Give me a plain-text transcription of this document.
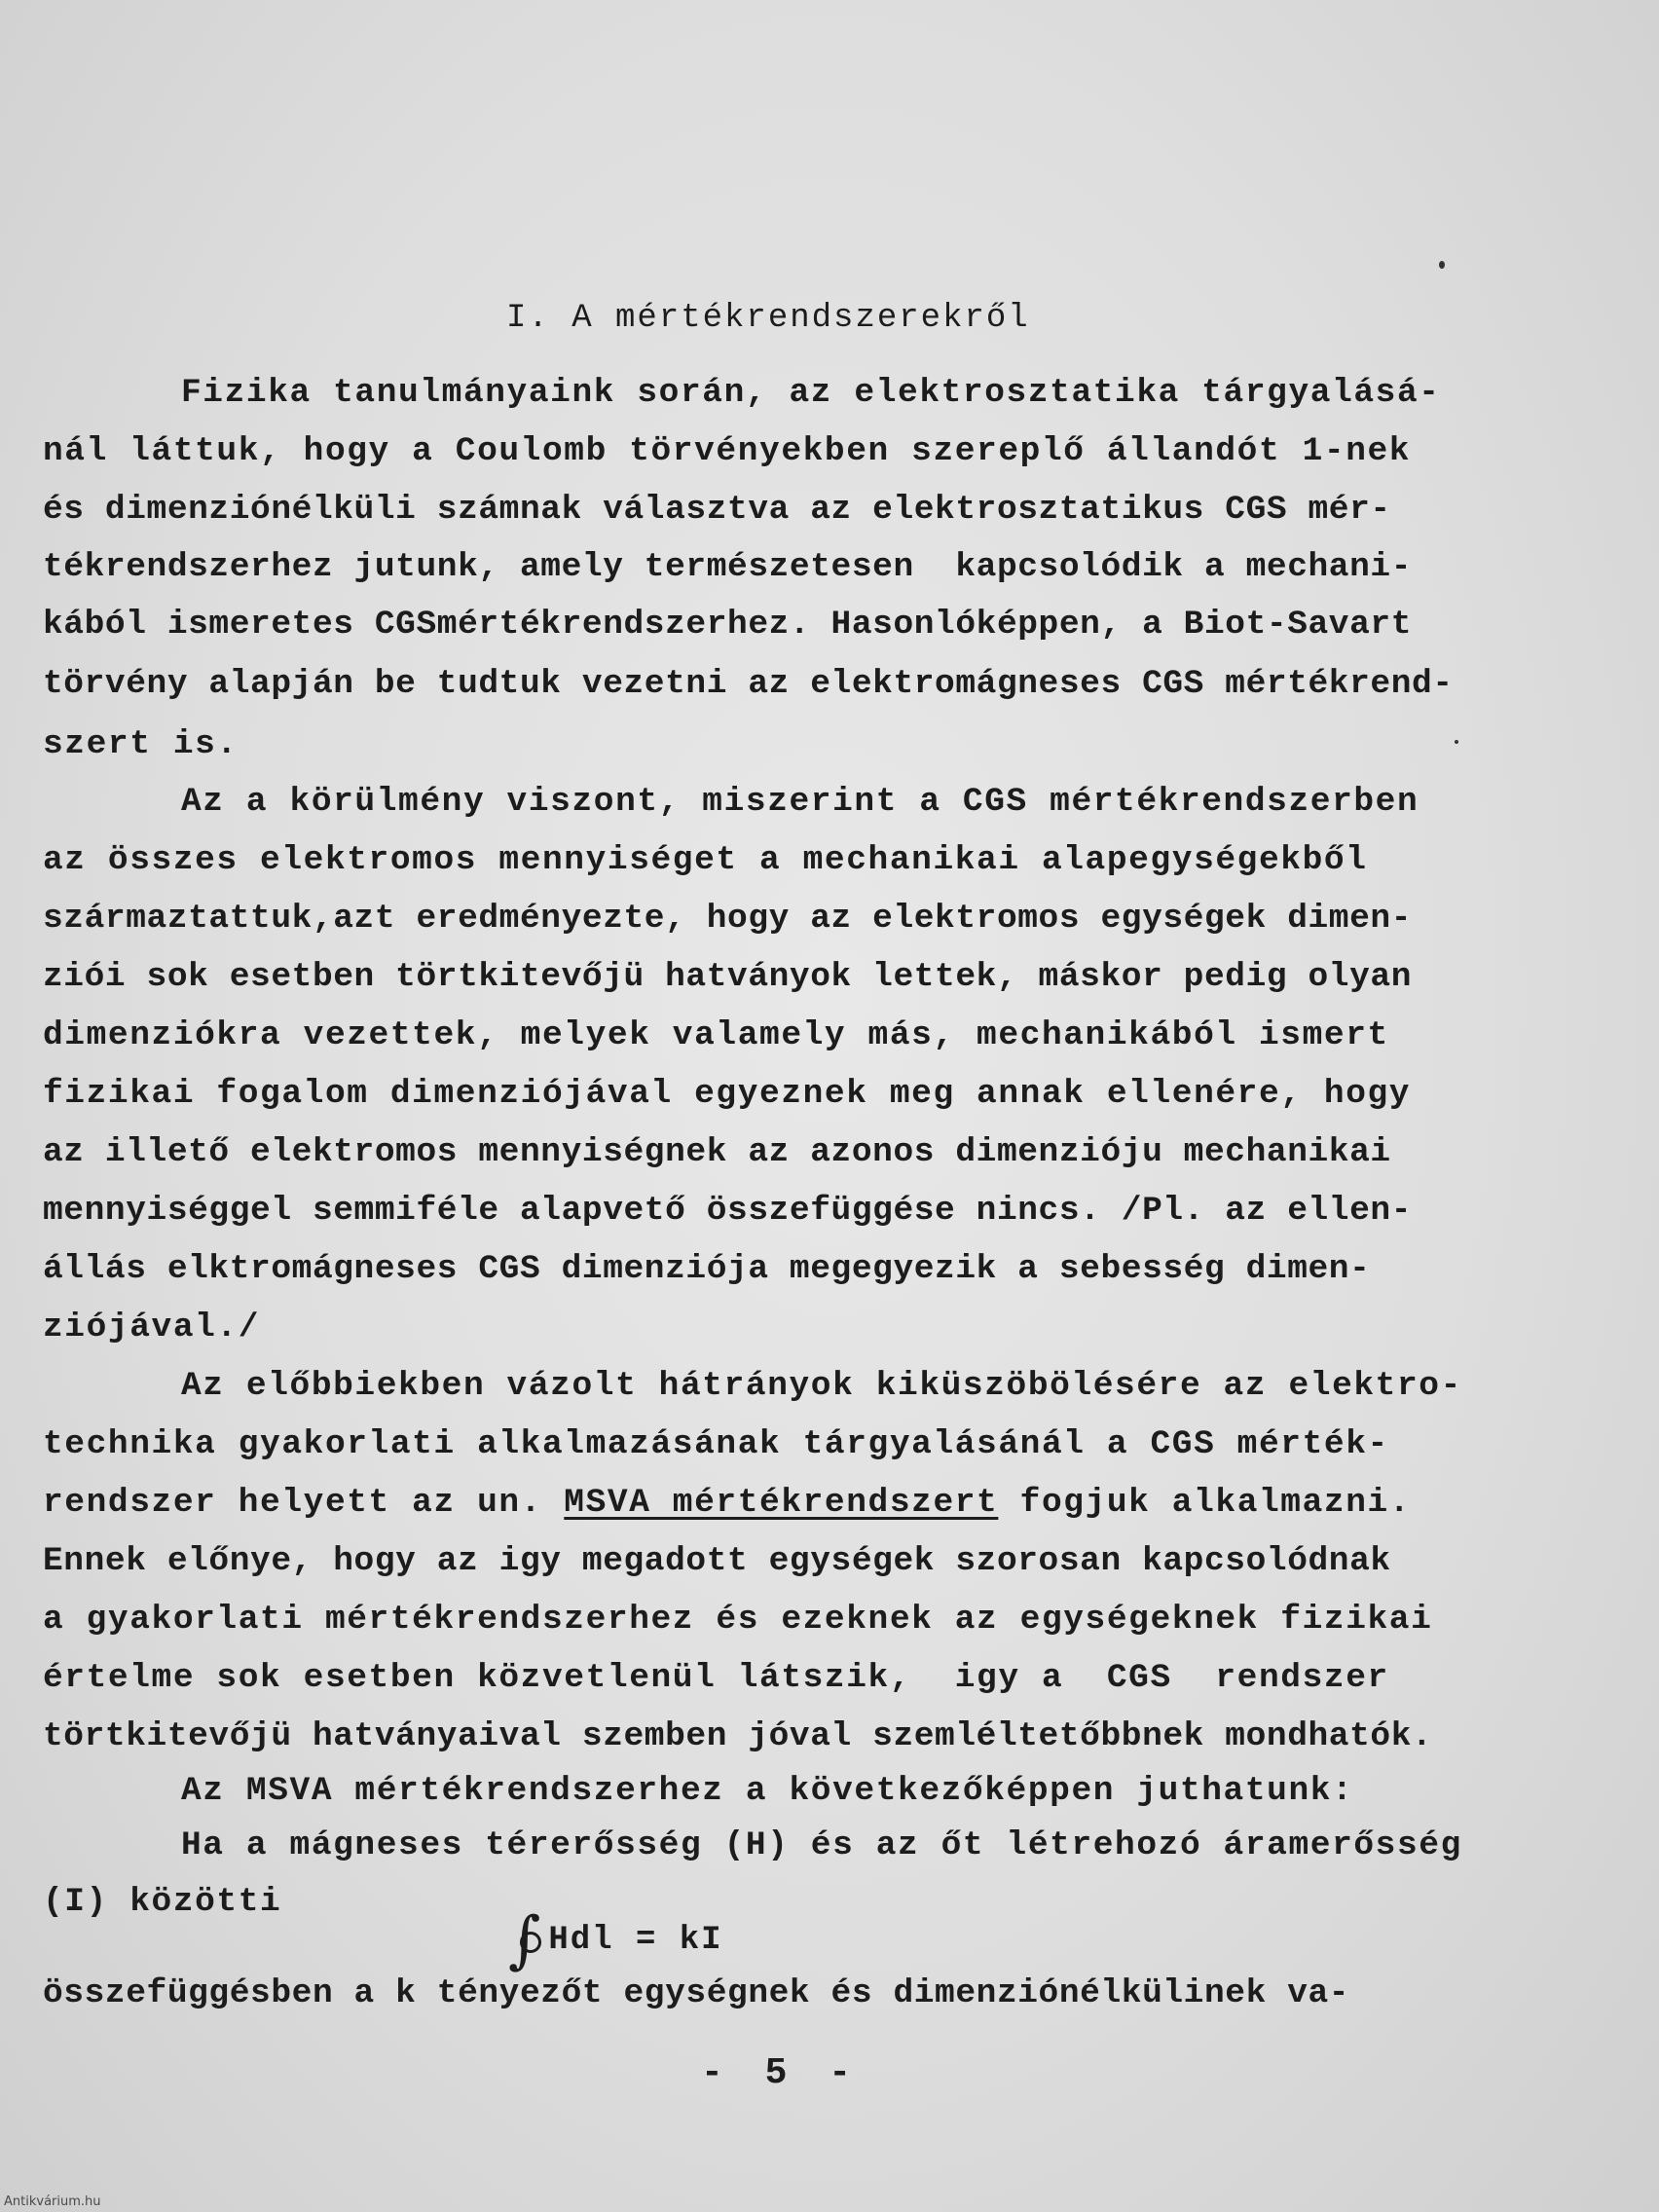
I. A mértékrendszerekről
Fizika tanulmányaink során, az elektrosztatika tárgyalásá-
nál láttuk, hogy a Coulomb törvényekben szereplő állandót 1-nek
és dimenziónélküli számnak választva az elektrosztatikus CGS mér-
tékrendszerhez jutunk, amely természetesen  kapcsolódik a mechani-
kából ismeretes CGSmértékrendszerhez. Hasonlóképpen, a Biot-Savart
törvény alapján be tudtuk vezetni az elektromágneses CGS mértékrend-
szert is.
Az a körülmény viszont, miszerint a CGS mértékrendszerben
az összes elektromos mennyiséget a mechanikai alapegységekből
származtattuk,azt eredményezte, hogy az elektromos egységek dimen-
ziói sok esetben törtkitevőjü hatványok lettek, máskor pedig olyan
dimenziókra vezettek, melyek valamely más, mechanikából ismert
fizikai fogalom dimenziójával egyeznek meg annak ellenére, hogy
az illető elektromos mennyiségnek az azonos dimenzióju mechanikai
mennyiséggel semmiféle alapvető összefüggése nincs. /Pl. az ellen-
állás elktromágneses CGS dimenziója megegyezik a sebesség dimen-
ziójával./
Az előbbiekben vázolt hátrányok kiküszöbölésére az elektro-
technika gyakorlati alkalmazásának tárgyalásánál a CGS mérték-
rendszer helyett az un. MSVA mértékrendszert fogjuk alkalmazni.
Ennek előnye, hogy az igy megadott egységek szorosan kapcsolódnak
a gyakorlati mértékrendszerhez és ezeknek az egységeknek fizikai
értelme sok esetben közvetlenül látszik,  igy a  CGS  rendszer
törtkitevőjü hatványaival szemben jóval szemléltetőbbnek mondhatók.
Az MSVA mértékrendszerhez a következőképpen juthatunk:
Ha a mágneses térerősség (H) és az őt létrehozó áramerősség
(I) közötti
∫ Hdl = kI
összefüggésben a k tényezőt egységnek és dimenziónélkülinek va-
- 5 -
Antikvárium.hu
